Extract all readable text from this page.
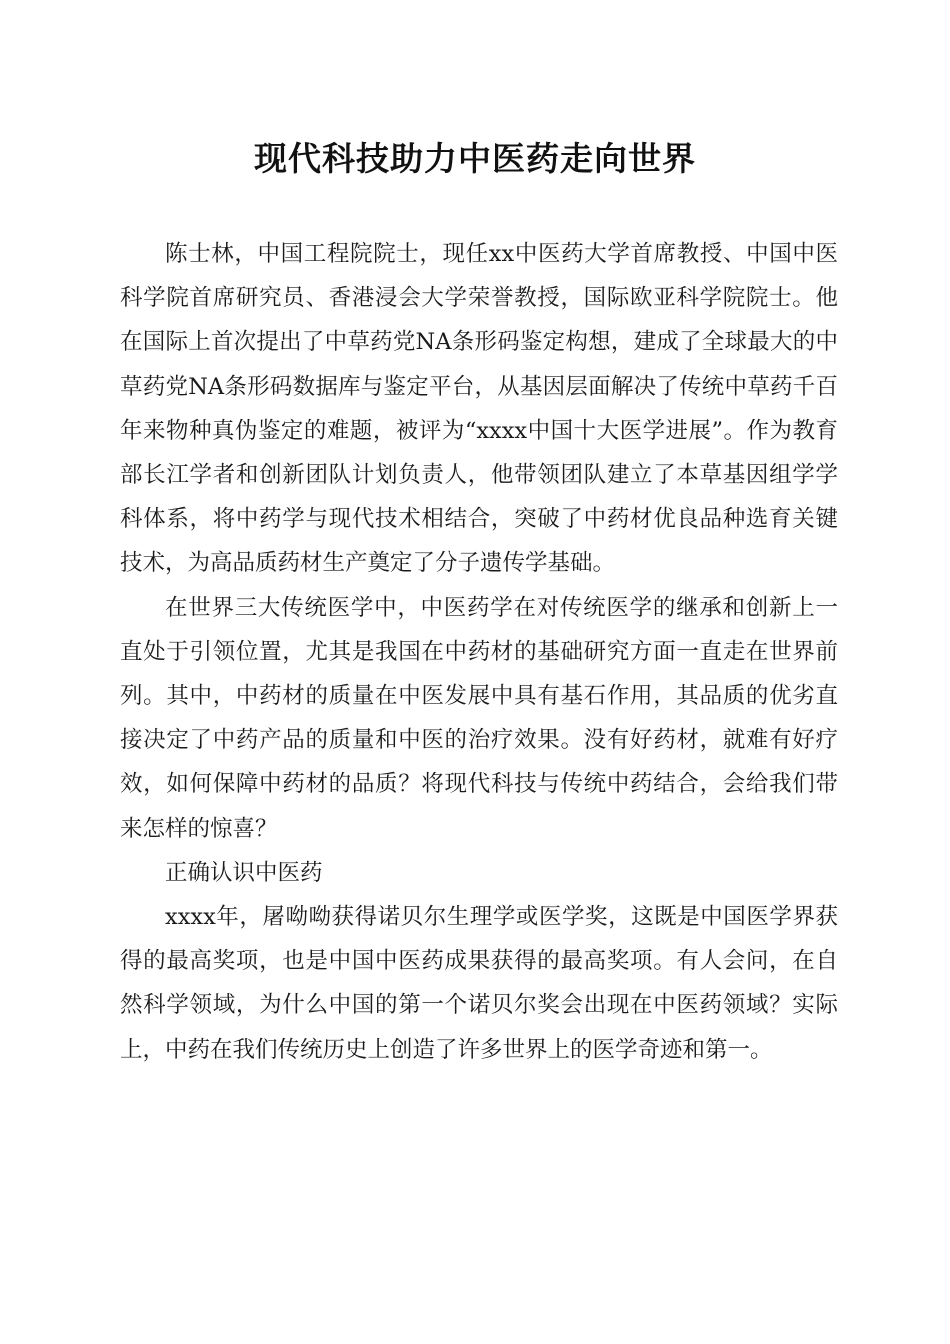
现代科技助力中医药走向世界

陈士林，中国工程院院士，现任xx中医药大学首席教授、中国中医科学院首席研究员、香港浸会大学荣誉教授，国际欧亚科学院院士。他在国际上首次提出了中草药党NA条形码鉴定构想，建成了全球最大的中草药党NA条形码数据库与鉴定平台，从基因层面解决了传统中草药千百年来物种真伪鉴定的难题，被评为“xxxx中国十大医学进展”。作为教育部长江学者和创新团队计划负责人，他带领团队建立了本草基因组学学科体系，将中药学与现代技术相结合，突破了中药材优良品种选育关键技术，为高品质药材生产奠定了分子遗传学基础。

在世界三大传统医学中，中医药学在对传统医学的继承和创新上一直处于引领位置，尤其是我国在中药材的基础研究方面一直走在世界前列。其中，中药材的质量在中医发展中具有基石作用，其品质的优劣直接决定了中药产品的质量和中医的治疗效果。没有好药材，就难有好疗效，如何保障中药材的品质？将现代科技与传统中药结合，会给我们带来怎样的惊喜？

正确认识中医药

xxxx年，屠呦呦获得诺贝尔生理学或医学奖，这既是中国医学界获得的最高奖项，也是中国中医药成果获得的最高奖项。有人会问，在自然科学领域，为什么中国的第一个诺贝尔奖会出现在中医药领域？实际上，中药在我们传统历史上创造了许多世界上的医学奇迹和第一。
